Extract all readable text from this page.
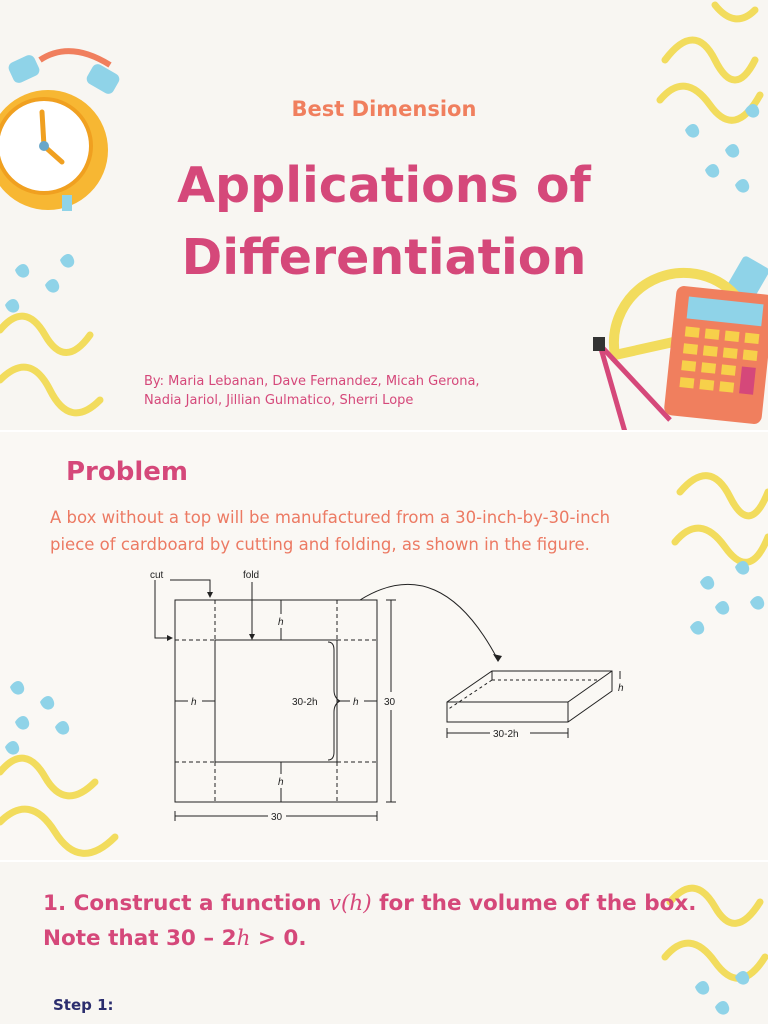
Best Dimension

Applications of
Differentiation
By: Maria Lebanan, Dave Fernandez, Micah Gerona,
Nadia Jariol, Jillian Gulmatico, Sherri Lope

Problem

A box without a top will be manufactured from a 30-inch-by-30-inch
piece of cardboard by cutting and folding, as shown in the figure.
cut	fold
h
h
h	h
30-2h	30
30
h
30-2h
1. Construct a function v(h) for the volume of the box. Note that 30 – 2h > 0.

Step 1:
